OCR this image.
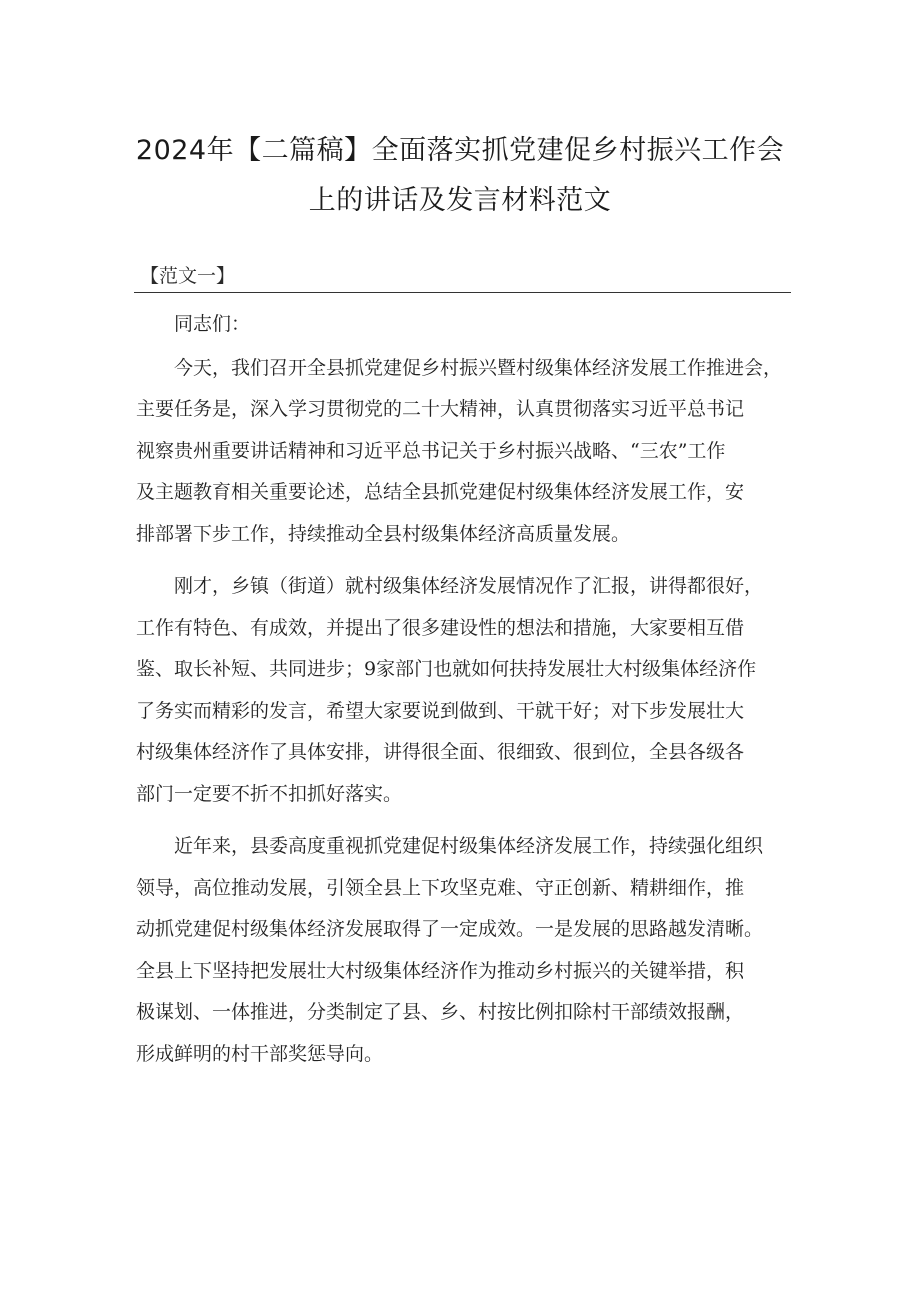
2024年【二篇稿】全面落实抓党建促乡村振兴工作会
上的讲话及发言材料范文
【范文一】

同志们：

今天，我们召开全县抓党建促乡村振兴暨村级集体经济发展工作推进会，
主要任务是，深入学习贯彻党的二十大精神，认真贯彻落实习近平总书记
视察贵州重要讲话精神和习近平总书记关于乡村振兴战略、“三农”工作
及主题教育相关重要论述，总结全县抓党建促村级集体经济发展工作，安
排部署下步工作，持续推动全县村级集体经济高质量发展。

刚才，乡镇（街道）就村级集体经济发展情况作了汇报，讲得都很好，
工作有特色、有成效，并提出了很多建设性的想法和措施，大家要相互借
鉴、取长补短、共同进步；9家部门也就如何扶持发展壮大村级集体经济作
了务实而精彩的发言，希望大家要说到做到、干就干好；对下步发展壮大
村级集体经济作了具体安排，讲得很全面、很细致、很到位，全县各级各
部门一定要不折不扣抓好落实。

近年来，县委高度重视抓党建促村级集体经济发展工作，持续强化组织
领导，高位推动发展，引领全县上下攻坚克难、守正创新、精耕细作，推
动抓党建促村级集体经济发展取得了一定成效。一是发展的思路越发清晰。
全县上下坚持把发展壮大村级集体经济作为推动乡村振兴的关键举措，积
极谋划、一体推进，分类制定了县、乡、村按比例扣除村干部绩效报酬，
形成鲜明的村干部奖惩导向。
